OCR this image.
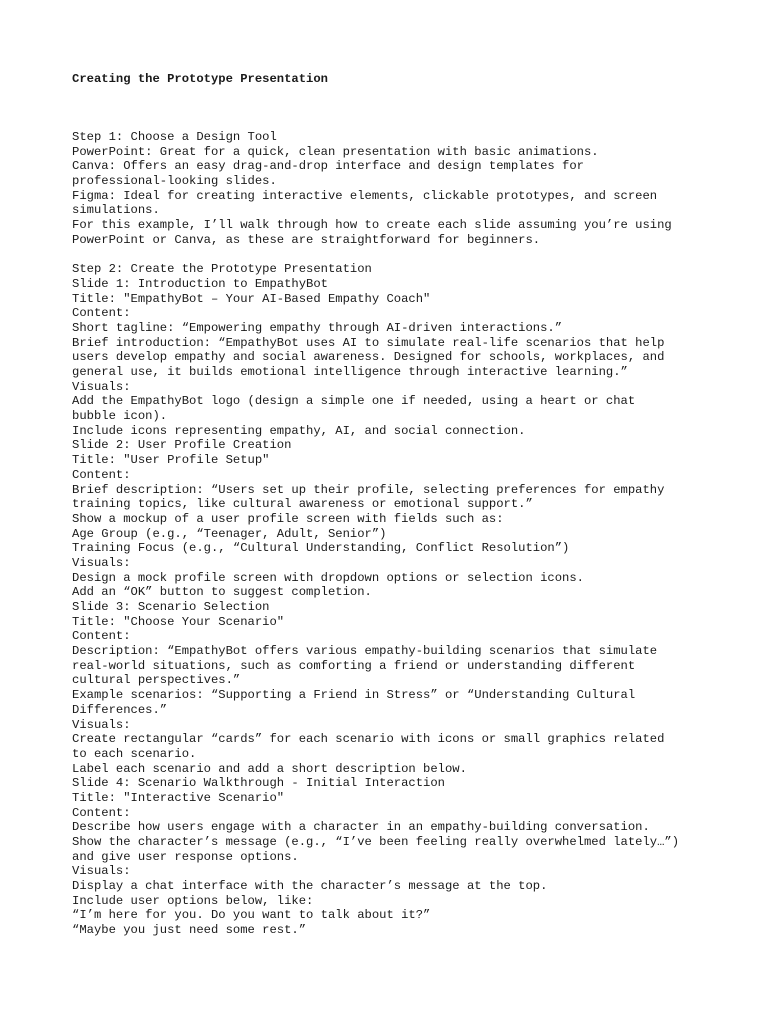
Creating the Prototype Presentation
Step 1: Choose a Design Tool
PowerPoint: Great for a quick, clean presentation with basic animations.
Canva: Offers an easy drag-and-drop interface and design templates for
professional-looking slides.
Figma: Ideal for creating interactive elements, clickable prototypes, and screen
simulations.
For this example, I’ll walk through how to create each slide assuming you’re using
PowerPoint or Canva, as these are straightforward for beginners.
Step 2: Create the Prototype Presentation
Slide 1: Introduction to EmpathyBot
Title: "EmpathyBot – Your AI-Based Empathy Coach"
Content:
Short tagline: “Empowering empathy through AI-driven interactions.”
Brief introduction: “EmpathyBot uses AI to simulate real-life scenarios that help
users develop empathy and social awareness. Designed for schools, workplaces, and
general use, it builds emotional intelligence through interactive learning.”
Visuals:
Add the EmpathyBot logo (design a simple one if needed, using a heart or chat
bubble icon).
Include icons representing empathy, AI, and social connection.
Slide 2: User Profile Creation
Title: "User Profile Setup"
Content:
Brief description: “Users set up their profile, selecting preferences for empathy
training topics, like cultural awareness or emotional support.”
Show a mockup of a user profile screen with fields such as:
Age Group (e.g., “Teenager, Adult, Senior”)
Training Focus (e.g., “Cultural Understanding, Conflict Resolution”)
Visuals:
Design a mock profile screen with dropdown options or selection icons.
Add an “OK” button to suggest completion.
Slide 3: Scenario Selection
Title: "Choose Your Scenario"
Content:
Description: “EmpathyBot offers various empathy-building scenarios that simulate
real-world situations, such as comforting a friend or understanding different
cultural perspectives.”
Example scenarios: “Supporting a Friend in Stress” or “Understanding Cultural
Differences.”
Visuals:
Create rectangular “cards” for each scenario with icons or small graphics related
to each scenario.
Label each scenario and add a short description below.
Slide 4: Scenario Walkthrough - Initial Interaction
Title: "Interactive Scenario"
Content:
Describe how users engage with a character in an empathy-building conversation.
Show the character’s message (e.g., “I’ve been feeling really overwhelmed lately…”)
and give user response options.
Visuals:
Display a chat interface with the character’s message at the top.
Include user options below, like:
“I’m here for you. Do you want to talk about it?”
“Maybe you just need some rest.”
